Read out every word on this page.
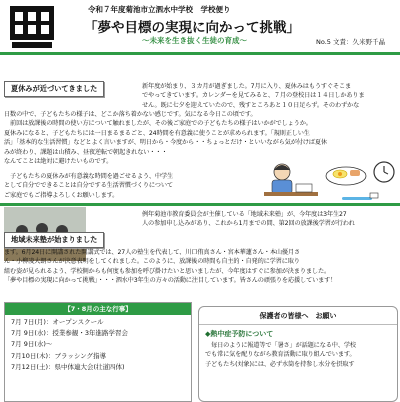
令和７年度菊池市立泗水中学校　学校便り
「夢や目標の実現に向かって挑戦」
～未来を生き抜く生徒の育成～	No.5 文責：久米野千晶
夏休みが近づいてきました	新年度が始まり、３カ月が過ぎました。7月に入り、夏休みはもうすぐそこま
でやってきています。カレンダーを見てみると、７月の登校日は１４日しかありま
せん。既に七夕を迎えていたので、残すところあと１０日足らず。そのわずかな
日数の中で、子どもたちの様子は、どこか落ち着かない感じです。気になる今日この頃です。
　前回は放課後の時間の使い方について触れましたが、その後ご家庭での子どもたちの様子はいかがでしょうか。
夏休みになると、子どもたちには一日まるまるごと、24時間を有意義に使うことが求められます。「規則正しい生
活」「基本的な生活習慣」などとよく言いますが、明日から・今度から・・ちょっとだけ・といいながら気が付けば夏休
みが終わり、課題は山積み、昼夜逆転で朝起きれない・・・
なんてことは絶対に避けたいものです。
　子どもたちの夏休みが有意義な時間を過ごせるよう、中学生
として自分でできることは自分でする生活習慣づくりについて
ご家庭でもご指導よろしくお願いします。
地域未来塾が始まりました
例年菊池市教育委員会が主催している「地域未来塾」が、今年度は3年生27
人の参加申し込みがあり、これから1月までの間、第2回の放課後学習が行われ
ます。6月24日に開講された開講式では、27人の塾生を代表して、川口侑真さん・宮本華蓮さん・本山優月さ
ん・小柳凌大朗さんが決意表明をしてくれました。このように、放課後の時間も自主的・自発的に学習に取り
組む姿が見られるよう、学校側からも何度も参加を呼び掛けたいと思いましたが、今年度はすぐに参加が決まりました。
「夢や目標の実現に向かって挑戦」・・・泗水中3年生の方々の活動に注目しています。皆さんの頑張りを応援しています！
【7・8月の主な行事】
7月 7日(月)：オープンスクール
7月 9日(水)：授業参観・3年進路学習会
7月 9日(水)～
7月10日(木)：ブラッシング指導
7月12日(土)：県中体連大会(壮道四体)
保護者の皆様へ　お願い
◆熱中症予防について
　毎日のように報道等で「暑さ」が話題になる中、学校
でも常に気を配りながら教育活動に取り組んでいます。
子どもたち(対象)には、必ず水筒を持参し水分を摂取す
